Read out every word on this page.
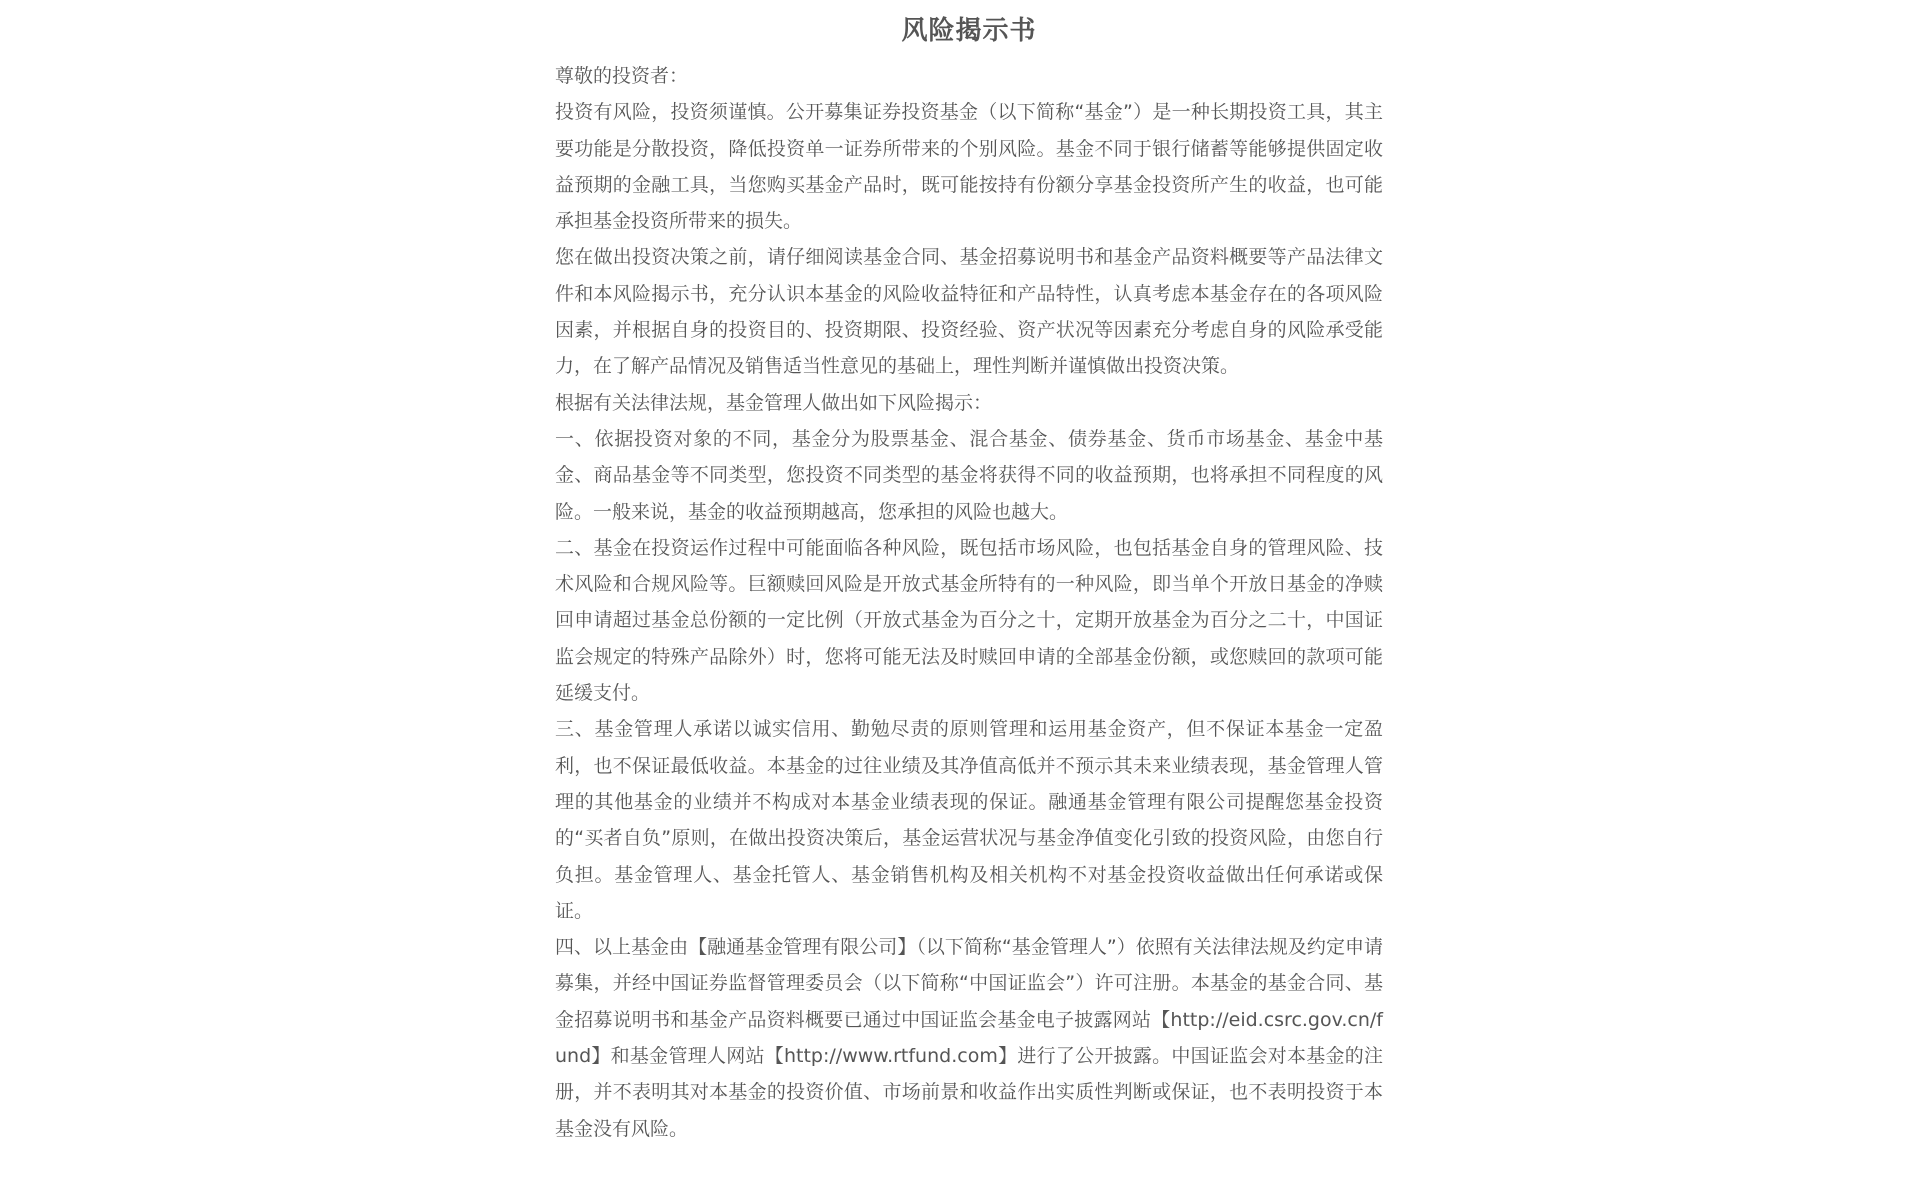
风险揭示书

尊敬的投资者：

投资有风险，投资须谨慎。公开募集证券投资基金（以下简称“基金”）是一种长期投资工具，其主要功能是分散投资，降低投资单一证券所带来的个别风险。基金不同于银行储蓄等能够提供固定收益预期的金融工具，当您购买基金产品时，既可能按持有份额分享基金投资所产生的收益，也可能承担基金投资所带来的损失。

您在做出投资决策之前，请仔细阅读基金合同、基金招募说明书和基金产品资料概要等产品法律文件和本风险揭示书，充分认识本基金的风险收益特征和产品特性，认真考虑本基金存在的各项风险因素，并根据自身的投资目的、投资期限、投资经验、资产状况等因素充分考虑自身的风险承受能力，在了解产品情况及销售适当性意见的基础上，理性判断并谨慎做出投资决策。

根据有关法律法规，基金管理人做出如下风险揭示：

一、依据投资对象的不同，基金分为股票基金、混合基金、债券基金、货币市场基金、基金中基金、商品基金等不同类型，您投资不同类型的基金将获得不同的收益预期，也将承担不同程度的风险。一般来说，基金的收益预期越高，您承担的风险也越大。

二、基金在投资运作过程中可能面临各种风险，既包括市场风险，也包括基金自身的管理风险、技术风险和合规风险等。巨额赎回风险是开放式基金所特有的一种风险，即当单个开放日基金的净赎回申请超过基金总份额的一定比例（开放式基金为百分之十，定期开放基金为百分之二十，中国证监会规定的特殊产品除外）时，您将可能无法及时赎回申请的全部基金份额，或您赎回的款项可能延缓支付。

三、基金管理人承诺以诚实信用、勤勉尽责的原则管理和运用基金资产，但不保证本基金一定盈利，也不保证最低收益。本基金的过往业绩及其净值高低并不预示其未来业绩表现，基金管理人管理的其他基金的业绩并不构成对本基金业绩表现的保证。融通基金管理有限公司提醒您基金投资的“买者自负”原则，在做出投资决策后，基金运营状况与基金净值变化引致的投资风险，由您自行负担。基金管理人、基金托管人、基金销售机构及相关机构不对基金投资收益做出任何承诺或保证。

四、以上基金由【融通基金管理有限公司】（以下简称“基金管理人”）依照有关法律法规及约定申请募集，并经中国证券监督管理委员会（以下简称“中国证监会”）许可注册。本基金的基金合同、基金招募说明书和基金产品资料概要已通过中国证监会基金电子披露网站【http://eid.csrc.gov.cn/fund】和基金管理人网站【http://www.rtfund.com】进行了公开披露。中国证监会对本基金的注册，并不表明其对本基金的投资价值、市场前景和收益作出实质性判断或保证，也不表明投资于本基金没有风险。
